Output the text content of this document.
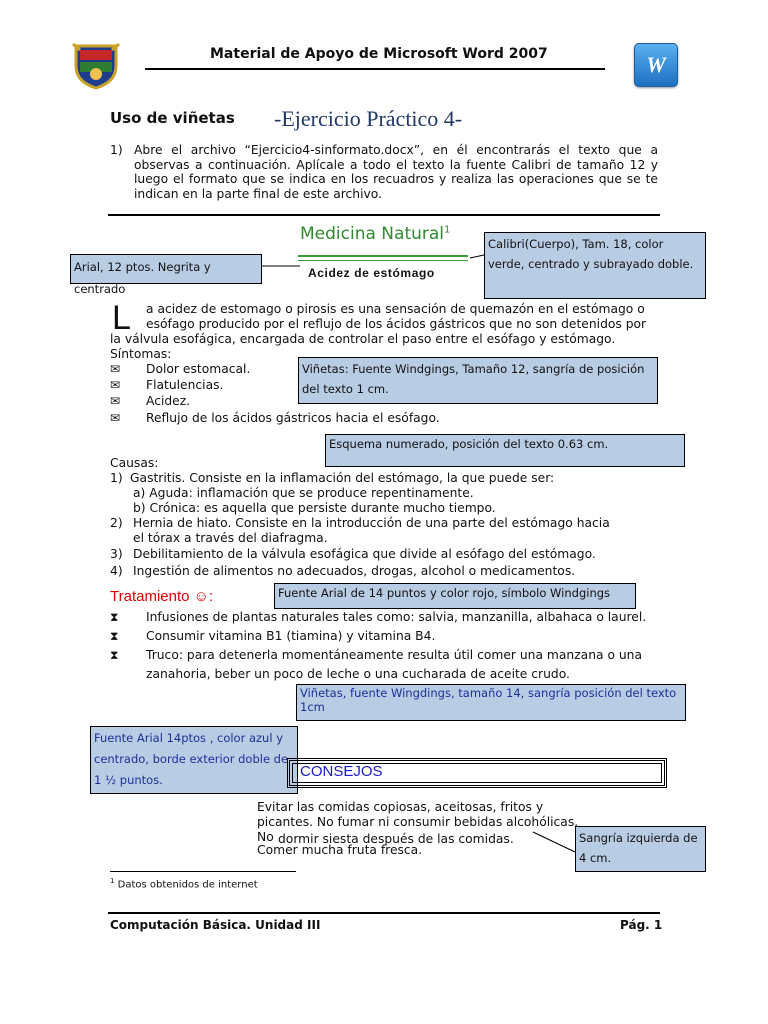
Material de Apoyo de Microsoft Word 2007	W
Uso de viñetas -Ejercicio Práctico 4-
1) Abre el archivo “Ejercicio4-sinformato.docx”, en él encontrarás el texto que a observas a continuación. Aplícale a todo el texto la fuente Calibri de tamaño 12 y luego el formato que se indica en los recuadros y realiza las operaciones que se te indican en la parte final de este archivo.
Medicina Natural$^1$
Acidez de estómago
Arial, 12 ptos. Negrita y centrado
Calibri(Cuerpo), Tam. 18, color verde, centrado y subrayado doble.
Viñetas: Fuente Windgings, Tamaño 12, sangría de posición del texto 1 cm.
Esquema numerado, posición del texto 0.63 cm.
Fuente Arial de 14 puntos y color rojo, símbolo Windgings
Viñetas, fuente Wingdings, tamaño 14, sangría posición del texto 1cm
Fuente Arial 14ptos , color azul y centrado, borde exterior doble de 1 ½ puntos.
Sangría izquierda de 4 cm.
L a acidez de estomago o pirosis es una sensación de quemazón en el estómago o
esófago producido por el reflujo de los ácidos gástricos que no son detenidos por
la válvula esofágica, encargada de controlar el paso entre el esófago y estómago.
Síntomas:
✉ Dolor estomacal.
✉ Flatulencias.
✉ Acidez.
✉ Reflujo de los ácidos gástricos hacia el esófago.
Causas:
1) Gastritis. Consiste en la inflamación del estómago, la que puede ser:
a) Aguda: inflamación que se produce repentinamente.
b) Crónica: es aquella que persiste durante mucho tiempo.
2) Hernia de hiato. Consiste en la introducción de una parte del estómago hacia
el tórax a través del diafragma.
3) Debilitamiento de la válvula esofágica que divide al esófago del estómago.
4) Ingestión de alimentos no adecuados, drogas, alcohol o medicamentos.
Tratamiento ☺:
⧗ Infusiones de plantas naturales tales como: salvia, manzanilla, albahaca o laurel.
⧗ Consumir vitamina B1 (tiamina) y vitamina B4.
⧗ Truco: para detenerla momentáneamente resulta útil comer una manzana o una
zanahoria, beber un poco de leche o una cucharada de aceite crudo.
CONSEJOS
Evitar las comidas copiosas, aceitosas, fritos y
picantes. No fumar ni consumir bebidas alcohólicas.
No dormir siesta después de las comidas.
Comer mucha fruta fresca.
$^1$ Datos obtenidos de internet
Computación Básica. Unidad III	Pág. 1
